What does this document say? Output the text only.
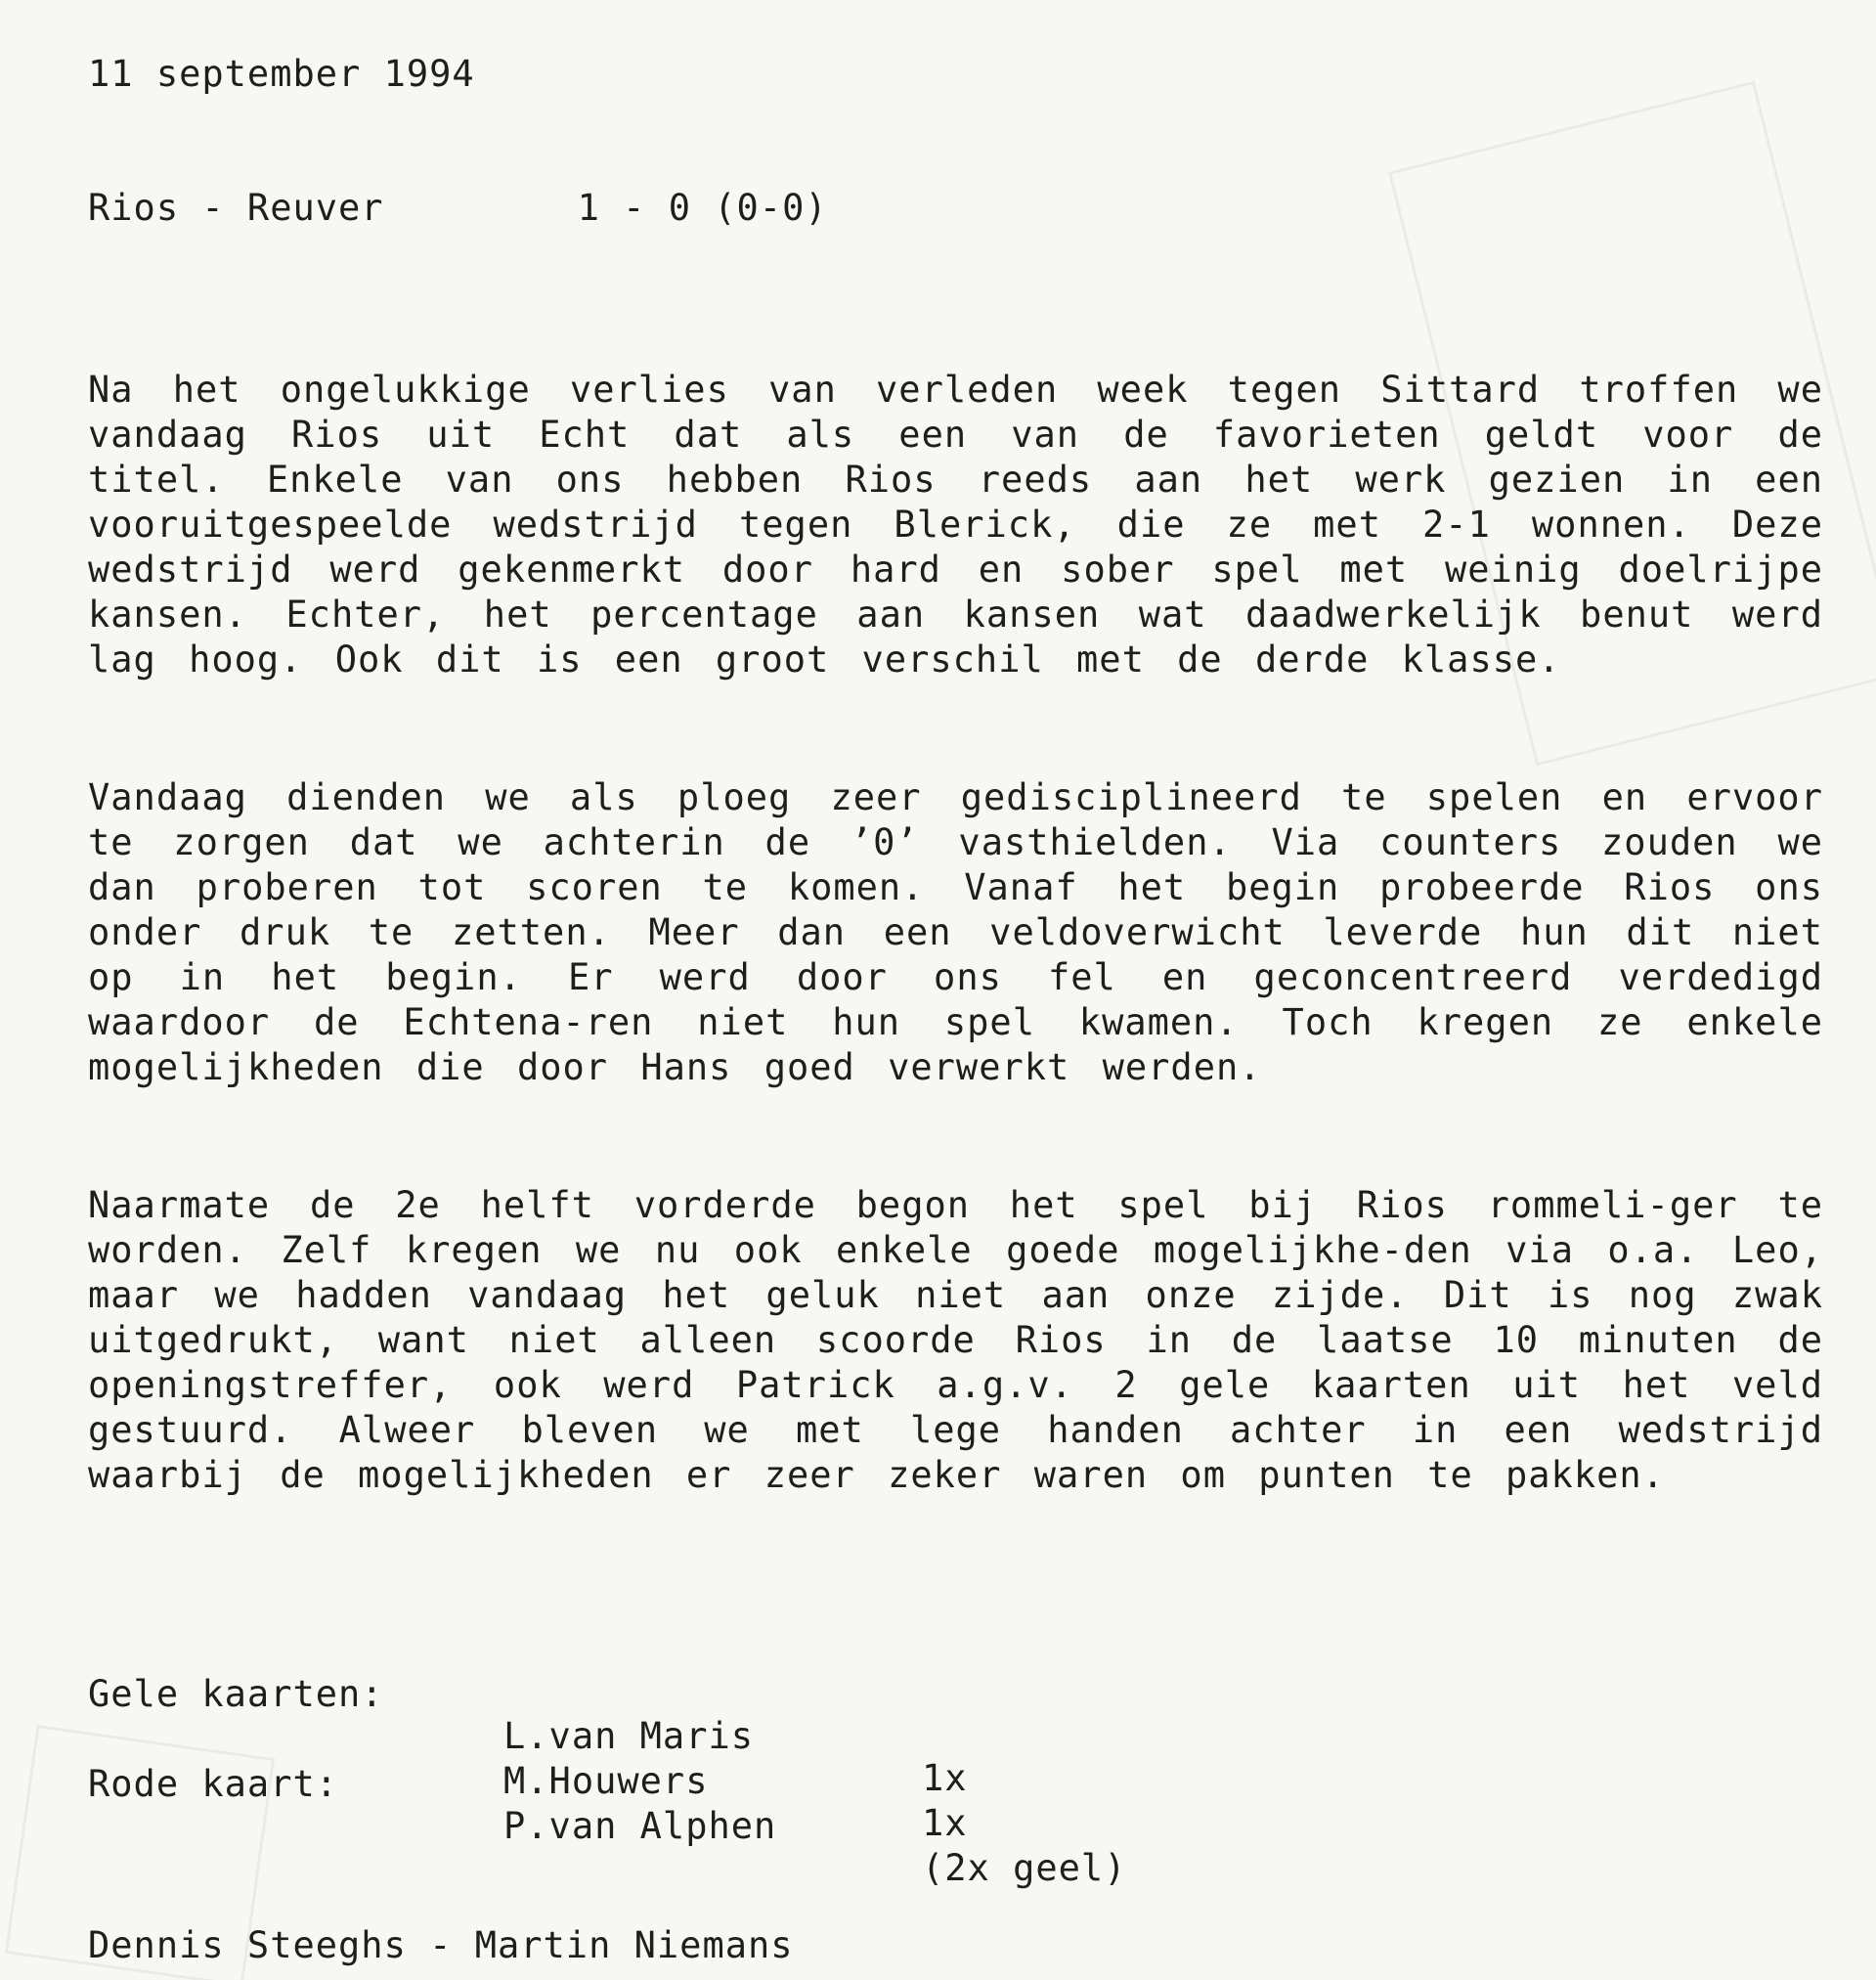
11 september 1994
Rios - Reuver	1 - 0 (0-0)

Na het ongelukkige verlies van verleden week tegen Sittard troffen we vandaag Rios uit Echt dat als een van de favorieten geldt voor de titel. Enkele van ons hebben Rios reeds aan het werk gezien in een vooruitgespeelde wedstrijd tegen Blerick, die ze met 2-1 wonnen. Deze wedstrijd werd gekenmerkt door hard en sober spel met weinig doelrijpe kansen. Echter, het percentage aan kansen wat daadwerkelijk benut werd lag hoog. Ook dit is een groot verschil met de derde klasse.

Vandaag dienden we als ploeg zeer gedisciplineerd te spelen en ervoor te zorgen dat we achterin de ’0’ vasthielden. Via counters zouden we dan proberen tot scoren te komen. Vanaf het begin probeerde Rios ons onder druk te zetten. Meer dan een veldoverwicht leverde hun dit niet op in het begin. Er werd door ons fel en geconcentreerd verdedigd waardoor de Echtena-ren niet hun spel kwamen. Toch kregen ze enkele mogelijkheden die door Hans goed verwerkt werden.

Naarmate de 2e helft vorderde begon het spel bij Rios rommeli-ger te worden. Zelf kregen we nu ook enkele goede mogelijkhe-den via o.a. Leo, maar we hadden vandaag het geluk niet aan onze zijde. Dit is nog zwak uitgedrukt, want niet alleen scoorde Rios in de laatse 10 minuten de openingstreffer, ook werd Patrick a.g.v. 2 gele kaarten uit het veld gestuurd. Alweer bleven we met lege handen achter in een wedstrijd waarbij de mogelijkheden er zeer zeker waren om punten te pakken.

Gele kaarten:

L.van Maris

1x

M.Houwers

1x

Rode kaart:

P.van Alphen

(2x geel)

Dennis Steeghs - Martin Niemans
